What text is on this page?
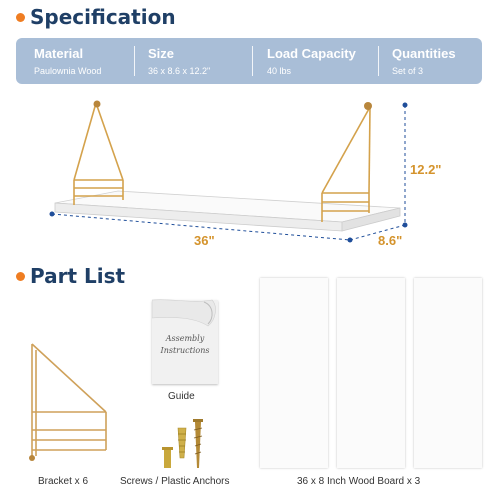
Specification
Material
Paulownia Wood
Size
36 x 8.6 x 12.2"
Load Capacity
40 lbs
Quantities
Set of 3
36"	8.6"
12.2"
Part List
Assembly
Instructions
Guide
Bracket x 6	Screws / Plastic Anchors	36 x 8 Inch Wood Board x 3
